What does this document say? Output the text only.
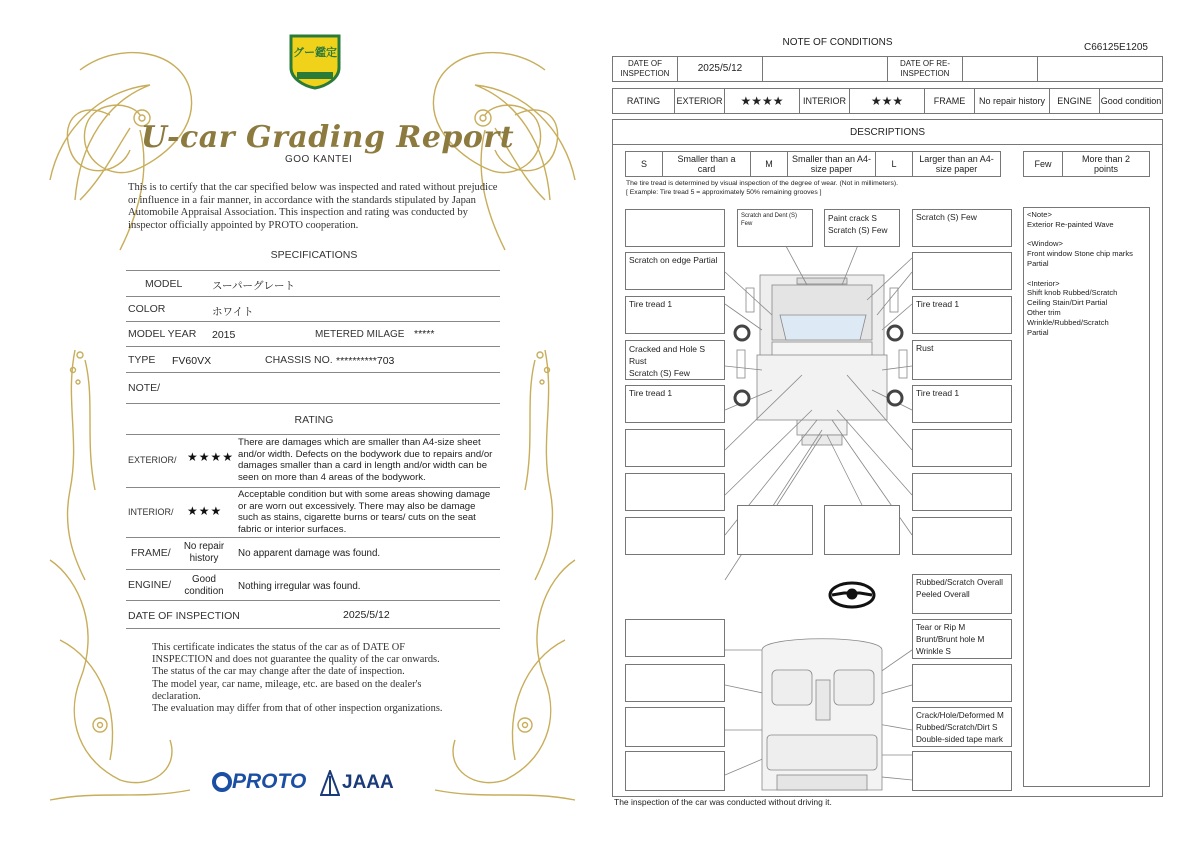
グー鑑定
U-car Grading Report
GOO KANTEI
This is to certify that the car specified below was inspected and rated without prejudice or influence in a fair manner, in accordance with the standards stipulated by Japan Automobile Appraisal Association. This inspection and rating was conducted by inspector officially appointed by PROTO cooperation.
SPECIFICATIONS
MODEL	スーパーグレート
COLOR	ホワイト
MODEL YEAR 2015	METERED MILAGE *****
TYPE FV60VX	CHASSIS NO. **********703
NOTE/
RATING
EXTERIOR/ ★★★★
There are damages which are smaller than A4-size sheet and/or width. Defects on the bodywork due to repairs and/or damages smaller than a card in length and/or width can be seen on more than 4 areas of the bodywork.
INTERIOR/ ★★★
Acceptable condition but with some areas showing damage or are worn out excessively. There may also be damage such as stains, cigarette burns or tears/ cuts on the seat fabric or interior surfaces.
FRAME/
No repair history	No apparent damage was found.
ENGINE/	Good condition	Nothing irregular was found.
DATE OF INSPECTION	2025/5/12
This certificate indicates the status of the car as of DATE OF
INSPECTION and does not guarantee the quality of the car onwards.
The status of the car may change after the date of inspection.
The model year, car name, mileage, etc. are based on the dealer's
declaration.
The evaluation may differ from that of other inspection organizations.
PROTO JAAA
NOTE OF CONDITIONS	C66125E1205
DATE OF INSPECTION	2025/5/12	DATE OF RE-INSPECTION
RATING	EXTERIOR	★★★★	INTERIOR	★★★	FRAME	No repair history	ENGINE Good condition
DESCRIPTIONS
S	Smaller than a card	M	Smaller than an A4-size paper	L	Larger than an A4-size paper	Few	More than 2 points
The tire tread is determined by visual inspection of the degree of wear. (Not in millimeters).
[ Example: Tire tread 5 = approximately 50% remaining grooves ]
Scratch on edge Partial
Tire tread 1
Cracked and Hole S
Rust
Scratch (S) Few
Tire tread 1
Scratch and Dent (S) Few
Paint crack S
Scratch (S) Few
Scratch (S) Few
Tire tread 1
Rust
Tire tread 1
<Note>
Exterior Re-painted Wave

<Window>
Front window Stone chip marks
Partial

<Interior>
Shift knob Rubbed/Scratch
Ceiling Stain/Dirt Partial
Other trim
Wrinkle/Rubbed/Scratch
Partial
Rubbed/Scratch Overall
Peeled Overall
Tear or Rip M
Brunt/Brunt hole M
Wrinkle S
Crack/Hole/Deformed M
Rubbed/Scratch/Dirt S
Double-sided tape mark
The inspection of the car was conducted without driving it.
